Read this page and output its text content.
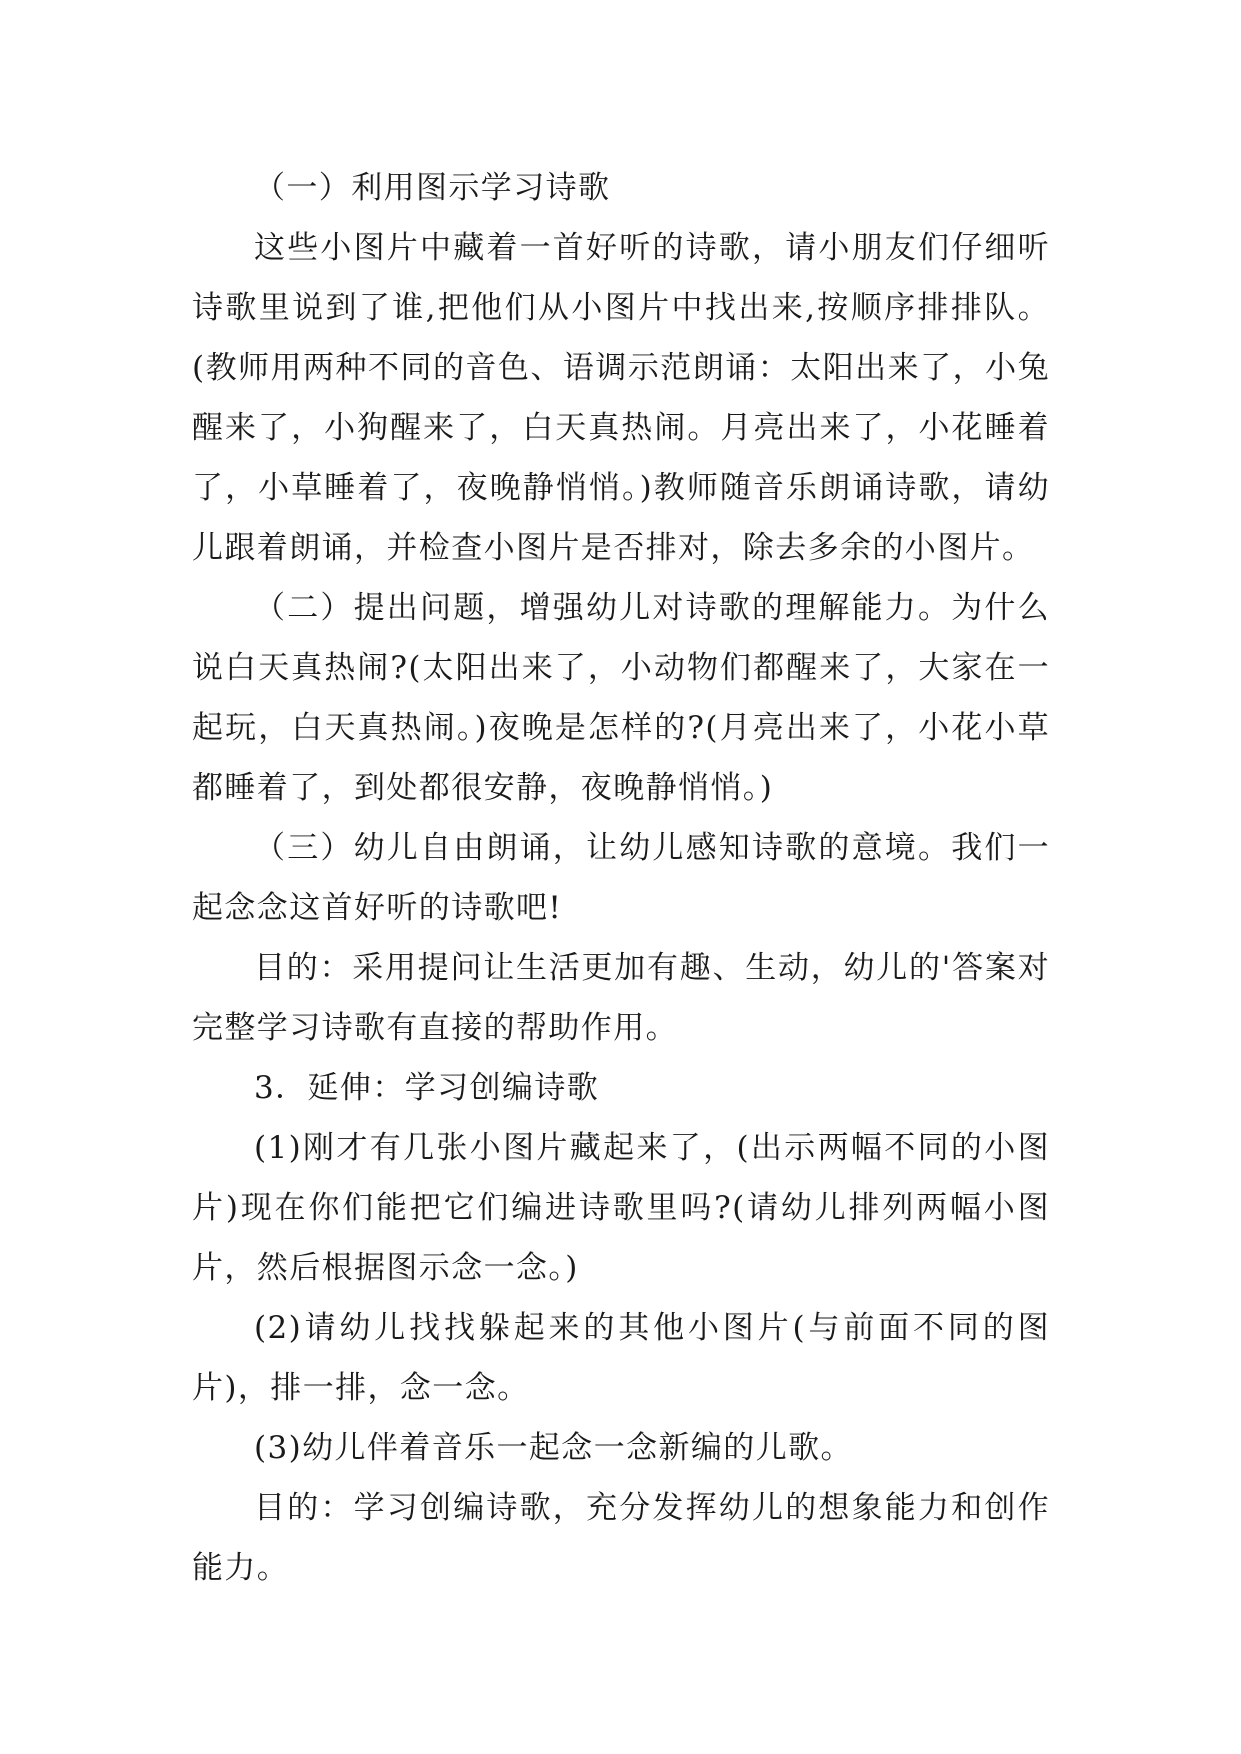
（一）利用图示学习诗歌

这些小图片中藏着一首好听的诗歌，请小朋友们仔细听诗歌里说到了谁,把他们从小图片中找出来,按顺序排排队。(教师用两种不同的音色、语调示范朗诵：太阳出来了，小兔醒来了，小狗醒来了，白天真热闹。月亮出来了，小花睡着了，小草睡着了，夜晚静悄悄。)教师随音乐朗诵诗歌，请幼儿跟着朗诵，并检查小图片是否排对，除去多余的小图片。

（二）提出问题，增强幼儿对诗歌的理解能力。为什么说白天真热闹?(太阳出来了，小动物们都醒来了，大家在一起玩，白天真热闹。)夜晚是怎样的?(月亮出来了，小花小草都睡着了，到处都很安静，夜晚静悄悄。)

（三）幼儿自由朗诵，让幼儿感知诗歌的意境。我们一起念念这首好听的诗歌吧!

目的：采用提问让生活更加有趣、生动，幼儿的'答案对完整学习诗歌有直接的帮助作用。

3．延伸：学习创编诗歌

(1)刚才有几张小图片藏起来了，(出示两幅不同的小图片)现在你们能把它们编进诗歌里吗?(请幼儿排列两幅小图片，然后根据图示念一念。)

(2)请幼儿找找躲起来的其他小图片(与前面不同的图片)，排一排，念一念。

(3)幼儿伴着音乐一起念一念新编的儿歌。

目的：学习创编诗歌，充分发挥幼儿的想象能力和创作能力。
